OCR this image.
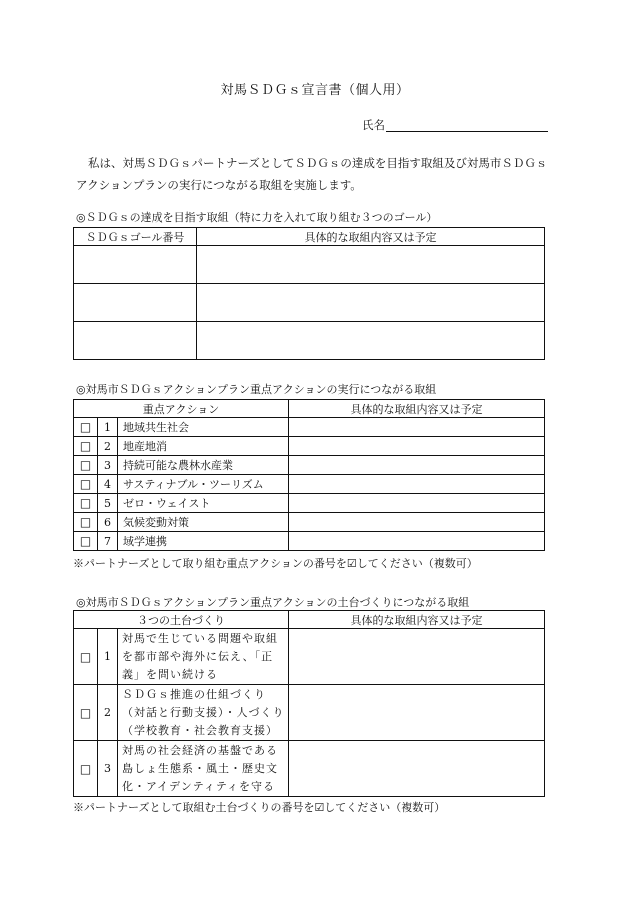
対馬ＳＤＧｓ宣言書（個人用）
氏名
私は、対馬ＳＤＧｓパートナーズとしてＳＤＧｓの達成を目指す取組及び対馬市ＳＤＧｓアクションプランの実行につながる取組を実施します。
◎ＳＤＧｓの達成を目指す取組（特に力を入れて取り組む３つのゴール）
ＳＤＧｓゴール番号	具体的な取組内容又は予定

◎対馬市ＳＤＧｓアクションプラン重点アクションの実行につながる取組
重点アクション			具体的な取組内容又は予定
□	1	地域共生社会	
□	2	地産地消	
□	3	持続可能な農林水産業	
□	4	サスティナブル・ツーリズム	
□	5	ゼロ・ウェイスト	
□	6	気候変動対策	
□	7	域学連携	
※パートナーズとして取り組む重点アクションの番号を☑してください（複数可）
◎対馬市ＳＤＧｓアクションプラン重点アクションの土台づくりにつながる取組
３つの土台づくり			具体的な取組内容又は予定
□	1	対馬で生じている問題や取組
を都市部や海外に伝え、「正
義」を問い続ける	

□	2	ＳＤＧｓ推進の仕組づくり
（対話と行動支援）・人づくり
（学校教育・社会教育支援）	

□	3	対馬の社会経済の基盤である
島しょ生態系・風土・歴史文
化・アイデンティティを守る	

※パートナーズとして取組む土台づくりの番号を☑してください（複数可）
